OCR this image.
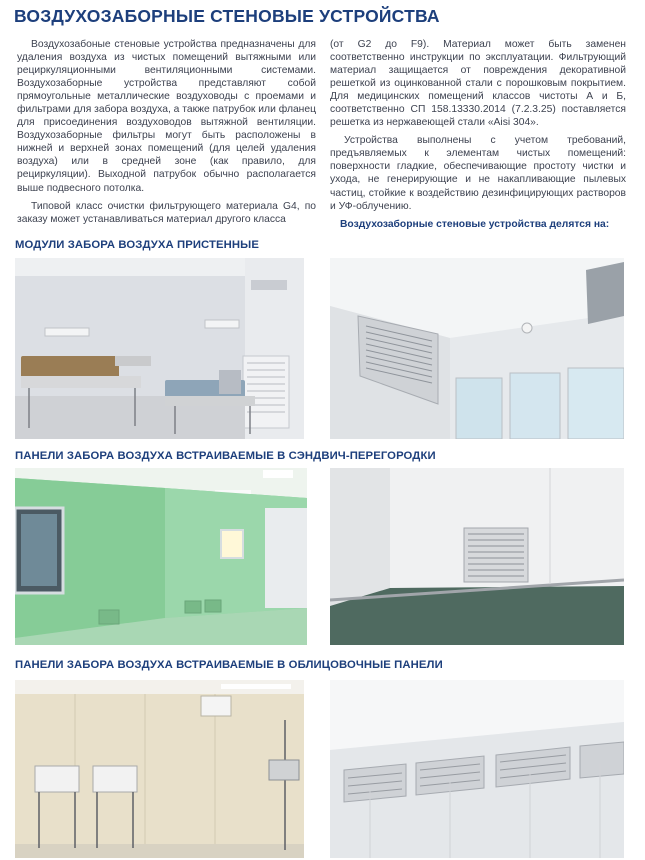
ВОЗДУХОЗАБОРНЫЕ СТЕНОВЫЕ УСТРОЙСТВА

Воздухозабоные стеновые устройства предназначены для удаления воздуха из чистых помещений вытяжными или рециркуляционными вентиляционными системами. Воздухозаборные устройства представляют собой прямоугольные металлические воздуховоды с проемами и фильтрами для забора воздуха, а также патрубок или фланец для присоединения воздуховодов вытяжной вентиляции. Воздухозаборные фильтры могут быть расположены в нижней и верхней зонах помещений (для целей удаления воздуха) или в средней зоне (как правило, для рециркуляции). Выходной патрубок обычно располагается выше подвесного потолка.

Типовой класс очистки фильтрующего материала G4, по заказу может устанавливаться материал другого класса

(от G2 до F9). Материал может быть заменен соответственно инструкции по эксплуатации. Фильтрующий материал защищается от повреждения декоративной решеткой из оцинкованной стали с порошковым покрытием. Для медицинских помещений классов чистоты А и Б, соответственно СП 158.13330.2014 (7.2.3.25) поставляется решетка из нержавеющей стали «Aisi 304».

Устройства выполнены с учетом требований, предъявляемых к элементам чистых помещений: поверхности гладкие, обеспечивающие простоту чистки и ухода, не генерирующие и не накапливающие пылевых частиц, стойкие к воздействию дезинфицирующих растворов и УФ-облучению.

Воздухозаборные стеновые устройства делятся на:

МОДУЛИ ЗАБОРА ВОЗДУХА ПРИСТЕННЫЕ
ПАНЕЛИ ЗАБОРА ВОЗДУХА ВСТРАИВАЕМЫЕ В СЭНДВИЧ-ПЕРЕГОРОДКИ
ПАНЕЛИ ЗАБОРА ВОЗДУХА ВСТРАИВАЕМЫЕ В ОБЛИЦОВОЧНЫЕ ПАНЕЛИ
